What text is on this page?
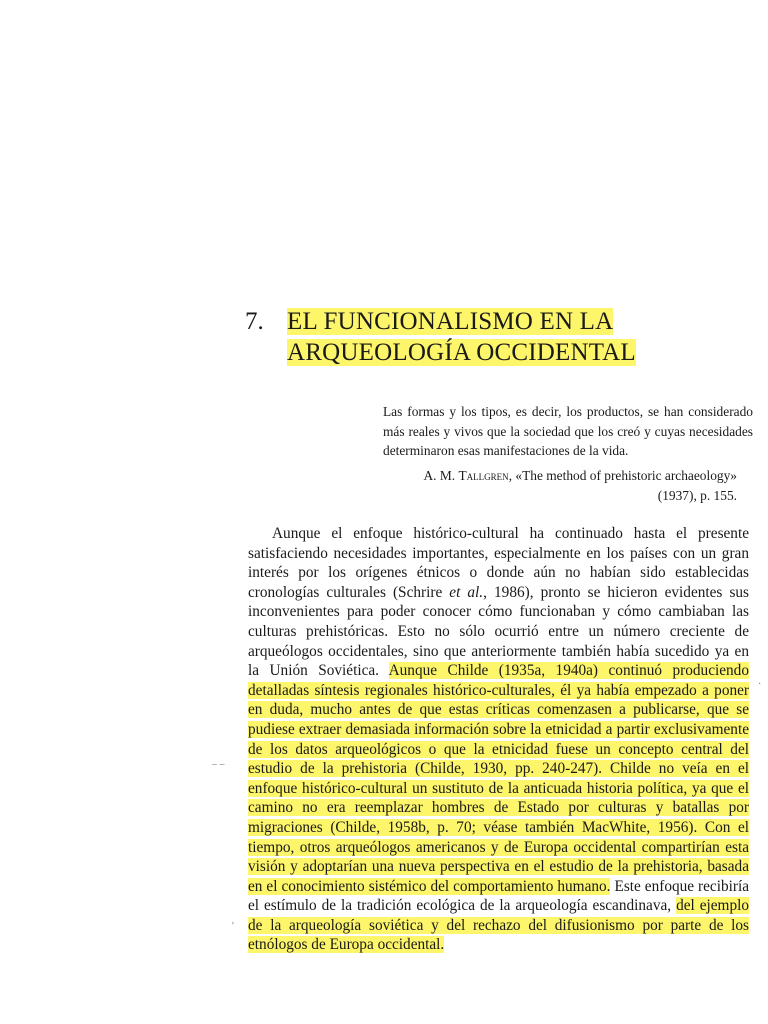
7. EL FUNCIONALISMO EN LA
ARQUEOLOGÍA OCCIDENTAL

Las formas y los tipos, es decir, los productos, se han considerado más reales y vivos que la sociedad que los creó y cuyas necesidades determinaron esas manifestaciones de la vida.

A. M. Tallgren, «The method of prehistoric archaeology»
(1937), p. 155.

Aunque el enfoque histórico-cultural ha continuado hasta el presente satisfaciendo necesidades importantes, especialmente en los países con un gran interés por los orígenes étnicos o donde aún no habían sido establecidas cronologías culturales (Schrire et al., 1986), pronto se hicieron evidentes sus inconvenientes para poder conocer cómo funcionaban y cómo cambiaban las culturas prehistóricas. Esto no sólo ocurrió entre un número creciente de arqueólogos occidentales, sino que anteriormente también había sucedido ya en la Unión Soviética. Aunque Childe (1935a, 1940a) continuó produciendo detalladas síntesis regionales histórico-culturales, él ya había empezado a poner en duda, mucho antes de que estas críticas comenzasen a publicarse, que se pudiese extraer demasiada información sobre la etnicidad a partir exclusivamente de los datos arqueológicos o que la etnicidad fuese un concepto central del estudio de la prehistoria (Childe, 1930, pp. 240-247). Childe no veía en el enfoque histórico-cultural un sustituto de la anticuada historia política, ya que el camino no era reemplazar hombres de Estado por culturas y batallas por migraciones (Childe, 1958b, p. 70; véase también MacWhite, 1956). Con el tiempo, otros arqueólogos americanos y de Europa occidental compartirían esta visión y adoptarían una nueva perspectiva en el estudio de la prehistoria, basada en el conocimiento sistémico del comportamiento humano. Este enfoque recibiría el estímulo de la tradición ecológica de la arqueología escandinava, del ejemplo de la arqueología soviética y del rechazo del difusionismo por parte de los etnólogos de Europa occidental.

– –
·
'
